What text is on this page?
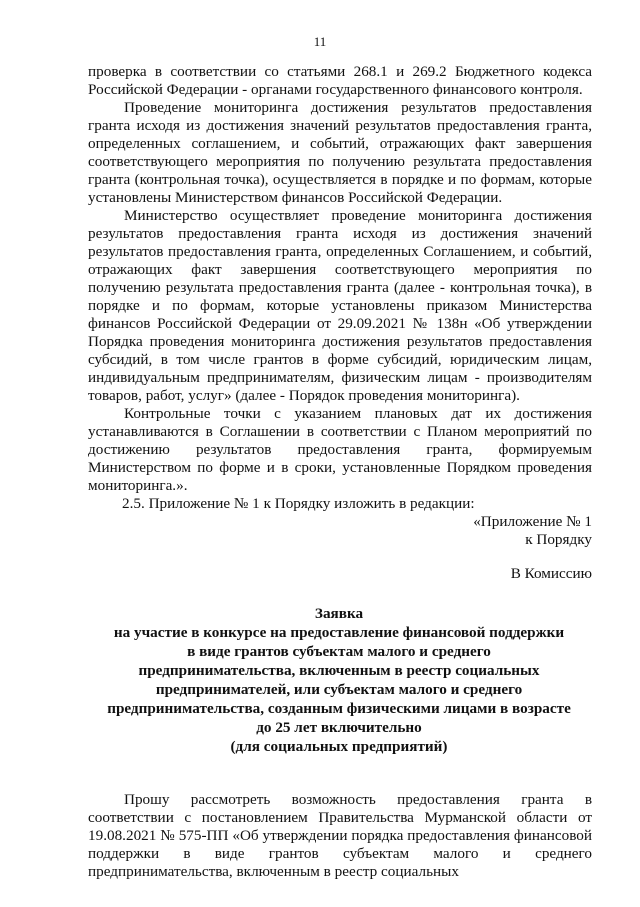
11

проверка в соответствии со статьями 268.1 и 269.2 Бюджетного кодекса Российской Федерации - органами государственного финансового контроля.

Проведение мониторинга достижения результатов предоставления гранта исходя из достижения значений результатов предоставления гранта, определенных соглашением, и событий, отражающих факт завершения соответствующего мероприятия по получению результата предоставления гранта (контрольная точка), осуществляется в порядке и по формам, которые установлены Министерством финансов Российской Федерации.

Министерство осуществляет проведение мониторинга достижения результатов предоставления гранта исходя из достижения значений результатов предоставления гранта, определенных Соглашением, и событий, отражающих факт завершения соответствующего мероприятия по получению результата предоставления гранта (далее - контрольная точка), в порядке и по формам, которые установлены приказом Министерства финансов Российской Федерации от 29.09.2021 № 138н «Об утверждении Порядка проведения мониторинга достижения результатов предоставления субсидий, в том числе грантов в форме субсидий, юридическим лицам, индивидуальным предпринимателям, физическим лицам - производителям товаров, работ, услуг» (далее - Порядок проведения мониторинга).

Контрольные точки с указанием плановых дат их достижения устанавливаются в Соглашении в соответствии с Планом мероприятий по достижению результатов предоставления гранта, формируемым Министерством по форме и в сроки, установленные Порядком проведения мониторинга.».

2.5. Приложение № 1 к Порядку изложить в редакции:

«Приложение № 1

к Порядку

В Комиссию

Заявка

на участие в конкурсе на предоставление финансовой поддержки

в виде грантов субъектам малого и среднего

предпринимательства, включенным в реестр социальных

предпринимателей, или субъектам малого и среднего

предпринимательства, созданным физическими лицами в возрасте

до 25 лет включительно

(для социальных предприятий)

Прошу рассмотреть возможность предоставления гранта в соответствии с постановлением Правительства Мурманской области от 19.08.2021 № 575-ПП «Об утверждении порядка предоставления финансовой поддержки в виде грантов субъектам малого и среднего предпринимательства, включенным в реестр социальных
